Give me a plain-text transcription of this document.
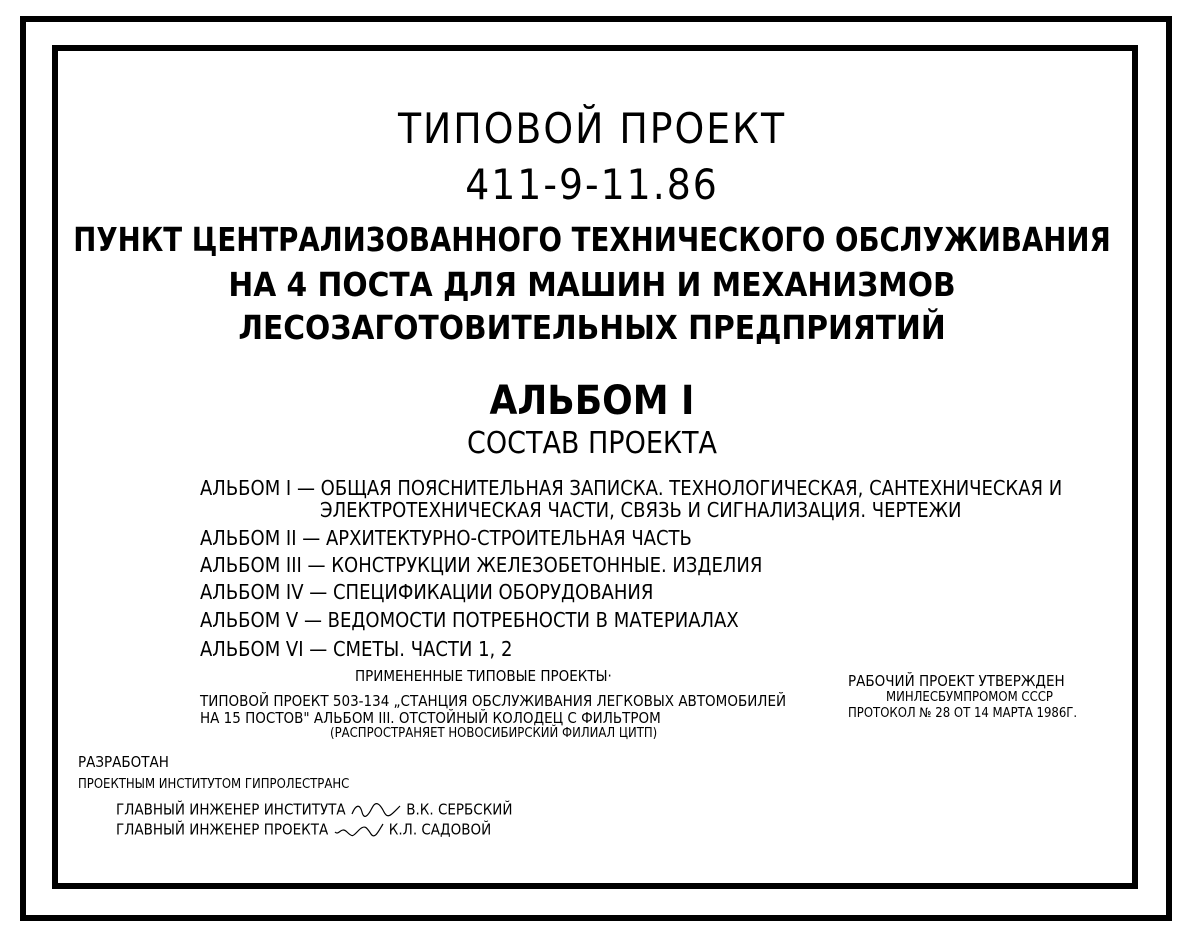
ТИПОВОЙ ПРОЕКТ
411-9-11.86
ПУНКТ ЦЕНТРАЛИЗОВАННОГО ТЕХНИЧЕСКОГО ОБСЛУЖИВАНИЯ
НА 4 ПОСТА ДЛЯ МАШИН И МЕХАНИЗМОВ
ЛЕСОЗАГОТОВИТЕЛЬНЫХ ПРЕДПРИЯТИЙ
АЛЬБОМ I
СОСТАВ ПРОЕКТА
АЛЬБОМ I — ОБЩАЯ ПОЯСНИТЕЛЬНАЯ ЗАПИСКА. ТЕХНОЛОГИЧЕСКАЯ, САНТЕХНИЧЕСКАЯ И
ЭЛЕКТРОТЕХНИЧЕСКАЯ ЧАСТИ, СВЯЗЬ И СИГНАЛИЗАЦИЯ. ЧЕРТЕЖИ
АЛЬБОМ II — АРХИТЕКТУРНО-СТРОИТЕЛЬНАЯ ЧАСТЬ
АЛЬБОМ III — КОНСТРУКЦИИ ЖЕЛЕЗОБЕТОННЫЕ. ИЗДЕЛИЯ
АЛЬБОМ IV — СПЕЦИФИКАЦИИ ОБОРУДОВАНИЯ
АЛЬБОМ V — ВЕДОМОСТИ ПОТРЕБНОСТИ В МАТЕРИАЛАХ
АЛЬБОМ VI — СМЕТЫ. ЧАСТИ 1, 2
ПРИМЕНЕННЫЕ ТИПОВЫЕ ПРОЕКТЫ·
ТИПОВОЙ ПРОЕКТ 503-134 „СТАНЦИЯ ОБСЛУЖИВАНИЯ ЛЕГКОВЫХ АВТОМОБИЛЕЙ
НА 15 ПОСТОВ" АЛЬБОМ III. ОТСТОЙНЫЙ КОЛОДЕЦ С ФИЛЬТРОМ
(РАСПРОСТРАНЯЕТ НОВОСИБИРСКИЙ ФИЛИАЛ ЦИТП)
РАБОЧИЙ ПРОЕКТ УТВЕРЖДЕН
МИНЛЕСБУМПРОМОМ СССР
ПРОТОКОЛ № 28 ОТ 14 МАРТА 1986Г.
РАЗРАБОТАН
ПРОЕКТНЫМ ИНСТИТУТОМ ГИПРОЛЕСТРАНС
ГЛАВНЫЙ ИНЖЕНЕР ИНСТИТУТА	В.К. СЕРБСКИЙ
ГЛАВНЫЙ ИНЖЕНЕР ПРОЕКТА	К.Л. САДОВОЙ
